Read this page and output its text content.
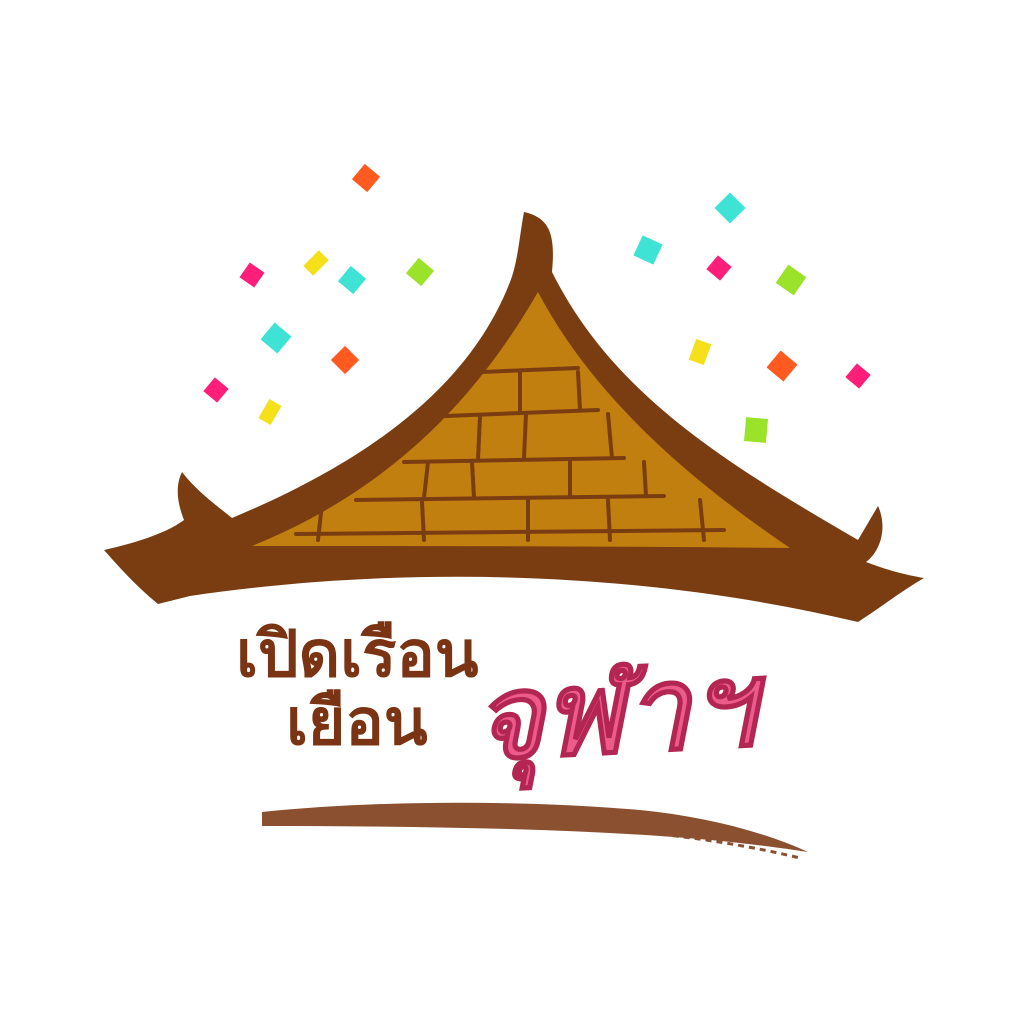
เปิดเรือน
เยือน จุฬาฯ
